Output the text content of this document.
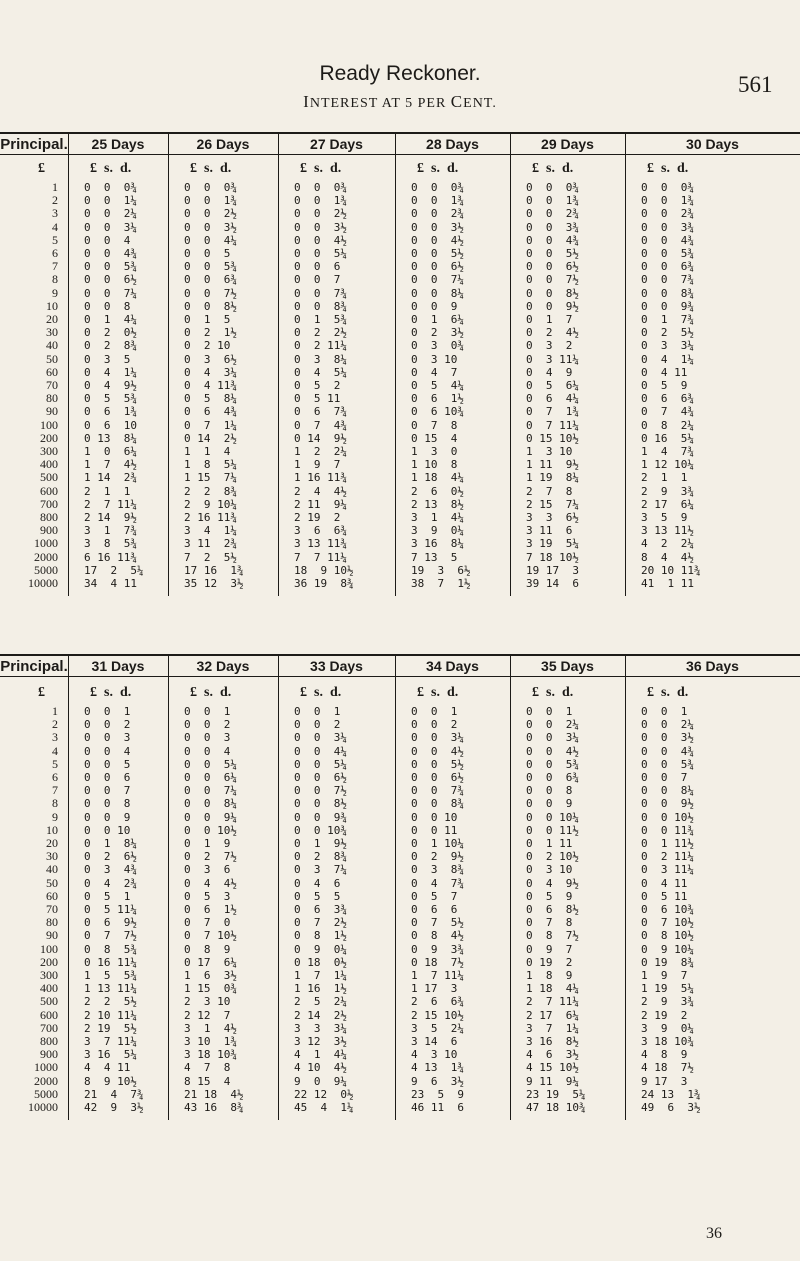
Ready Reckoner.
INTEREST AT 5 PER CENT.
561
Principal.
£
1
2
3
4
5
6
7
8
9
10
20
30
40
50
60
70
80
90
100
200
300
400
500
600
700
800
900
1000
2000
5000
10000
25 Days
£  s.  d.
0  0  0¾
0  0  1¼
0  0  2¼
0  0  3¼
0  0  4
0  0  4¾
0  0  5¾
0  0  6½
0  0  7¼
0  0  8
0  1  4¼
0  2  0½
0  2  8¾
0  3  5
0  4  1¼
0  4  9½
0  5  5¾
0  6  1¾
0  6  10
0 13  8¼
1  0  6¼
1  7  4½
1 14  2¾
2  1  1
2  7 11¼
2 14  9½
3  1  7¾
3  8  5¾
6 16 11¾
17  2  5¼
34  4 11
26 Days
£  s.  d.
0  0  0¾
0  0  1¾
0  0  2½
0  0  3½
0  0  4¼
0  0  5
0  0  5¾
0  0  6¾
0  0  7½
0  0  8½
0  1  5
0  2  1½
0  2 10
0  3  6½
0  4  3¼
0  4 11¾
0  5  8¼
0  6  4¾
0  7  1¼
0 14  2½
1  1  4
1  8  5¼
1 15  7¼
2  2  8¾
2  9 10¼
2 16 11¾
3  4  1¼
3 11  2¾
7  2  5½
17 16  1¾
35 12  3½
27 Days
£  s.  d.
0  0  0¾
0  0  1¾
0  0  2½
0  0  3½
0  0  4½
0  0  5¼
0  0  6
0  0  7
0  0  7¾
0  0  8¾
0  1  5¾
0  2  2½
0  2 11¼
0  3  8¼
0  4  5¼
0  5  2
0  5 11
0  6  7¾
0  7  4¾
0 14  9½
1  2  2¼
1  9  7
1 16 11¾
2  4  4½
2 11  9¼
2 19  2
3  6  6¾
3 13 11¾
7  7 11¼
18  9 10½
36 19  8¾
28 Days
£  s.  d.
0  0  0¾
0  0  1¾
0  0  2¾
0  0  3½
0  0  4½
0  0  5½
0  0  6½
0  0  7¼
0  0  8¼
0  0  9
0  1  6¼
0  2  3½
0  3  0¾
0  3 10
0  4  7
0  5  4¼
0  6  1½
0  6 10¾
0  7  8
0 15  4
1  3  0
1 10  8
1 18  4¼
2  6  0½
2 13  8½
3  1  4¼
3  9  0¼
3 16  8¼
7 13  5
19  3  6½
38  7  1½
29 Days
£  s.  d.
0  0  0¾
0  0  1¾
0  0  2¾
0  0  3¾
0  0  4¾
0  0  5½
0  0  6½
0  0  7½
0  0  8½
0  0  9½
0  1  7
0  2  4½
0  3  2
0  3 11¼
0  4  9
0  5  6¼
0  6  4¼
0  7  1¾
0  7 11¼
0 15 10½
1  3 10
1 11  9½
1 19  8¼
2  7  8
2 15  7¼
3  3  6½
3 11  6
3 19  5¼
7 18 10½
19 17  3
39 14  6
30 Days
£  s.  d.
0  0  0¾
0  0  1¾
0  0  2¾
0  0  3¾
0  0  4¾
0  0  5¾
0  0  6¾
0  0  7¾
0  0  8¾
0  0  9¾
0  1  7¾
0  2  5½
0  3  3¼
0  4  1¼
0  4 11
0  5  9
0  6  6¾
0  7  4¾
0  8  2¼
0 16  5¼
1  4  7¾
1 12 10¼
2  1  1
2  9  3¾
2 17  6¼
3  5  9
3 13 11½
4  2  2¼
8  4  4½
20 10 11¾
41  1 11
Principal.
£
1
2
3
4
5
6
7
8
9
10
20
30
40
50
60
70
80
90
100
200
300
400
500
600
700
800
900
1000
2000
5000
10000
31 Days
£  s.  d.
0  0  1
0  0  2
0  0  3
0  0  4
0  0  5
0  0  6
0  0  7
0  0  8
0  0  9
0  0 10
0  1  8¼
0  2  6½
0  3  4¾
0  4  2¾
0  5  1
0  5 11¼
0  6  9½
0  7  7½
0  8  5¾
0 16 11¼
1  5  5¾
1 13 11¼
2  2  5½
2 10 11¼
2 19  5½
3  7 11¼
3 16  5¼
4  4 11
8  9 10½
21  4  7¾
42  9  3½
32 Days
£  s.  d.
0  0  1
0  0  2
0  0  3
0  0  4
0  0  5¼
0  0  6¼
0  0  7¼
0  0  8¼
0  0  9¼
0  0 10½
0  1  9
0  2  7½
0  3  6
0  4  4½
0  5  3
0  6  1½
0  7  0
0  7 10½
0  8  9
0 17  6¼
1  6  3½
1 15  0¾
2  3 10
2 12  7
3  1  4½
3 10  1¾
3 18 10¾
4  7  8
8 15  4
21 18  4½
43 16  8¾
33 Days
£  s.  d.
0  0  1
0  0  2
0  0  3¼
0  0  4¼
0  0  5¼
0  0  6½
0  0  7½
0  0  8½
0  0  9¾
0  0 10¾
0  1  9½
0  2  8¾
0  3  7¼
0  4  6
0  5  5
0  6  3¾
0  7  2½
0  8  1½
0  9  0¼
0 18  0½
1  7  1¼
1 16  1½
2  5  2¼
2 14  2½
3  3  3¼
3 12  3½
4  1  4¼
4 10  4½
9  0  9¼
22 12  0½
45  4  1¼
34 Days
£  s.  d.
0  0  1
0  0  2
0  0  3¼
0  0  4½
0  0  5½
0  0  6½
0  0  7¾
0  0  8¾
0  0 10
0  0 11
0  1 10¼
0  2  9½
0  3  8¾
0  4  7¾
0  5  7
0  6  6
0  7  5½
0  8  4½
0  9  3¾
0 18  7½
1  7 11¼
1 17  3
2  6  6¾
2 15 10½
3  5  2¼
3 14  6
4  3 10
4 13  1¾
9  6  3½
23  5  9
46 11  6
35 Days
£  s.  d.
0  0  1
0  0  2¼
0  0  3¼
0  0  4½
0  0  5¾
0  0  6¾
0  0  8
0  0  9
0  0 10¼
0  0 11½
0  1 11
0  2 10½
0  3 10
0  4  9½
0  5  9
0  6  8½
0  7  8
0  8  7½
0  9  7
0 19  2
1  8  9
1 18  4¼
2  7 11¼
2 17  6¼
3  7  1¼
3 16  8½
4  6  3½
4 15 10½
9 11  9¼
23 19  5¼
47 18 10¾
36 Days
£  s.  d.
0  0  1
0  0  2¼
0  0  3½
0  0  4¾
0  0  5¾
0  0  7
0  0  8¼
0  0  9½
0  0 10½
0  0 11¾
0  1 11½
0  2 11¼
0  3 11¼
0  4 11
0  5 11
0  6 10¾
0  7 10½
0  8 10½
0  9 10¼
0 19  8¾
1  9  7
1 19  5¼
2  9  3¾
2 19  2
3  9  0¼
3 18 10¾
4  8  9
4 18  7½
9 17  3
24 13  1¾
49  6  3½
36
